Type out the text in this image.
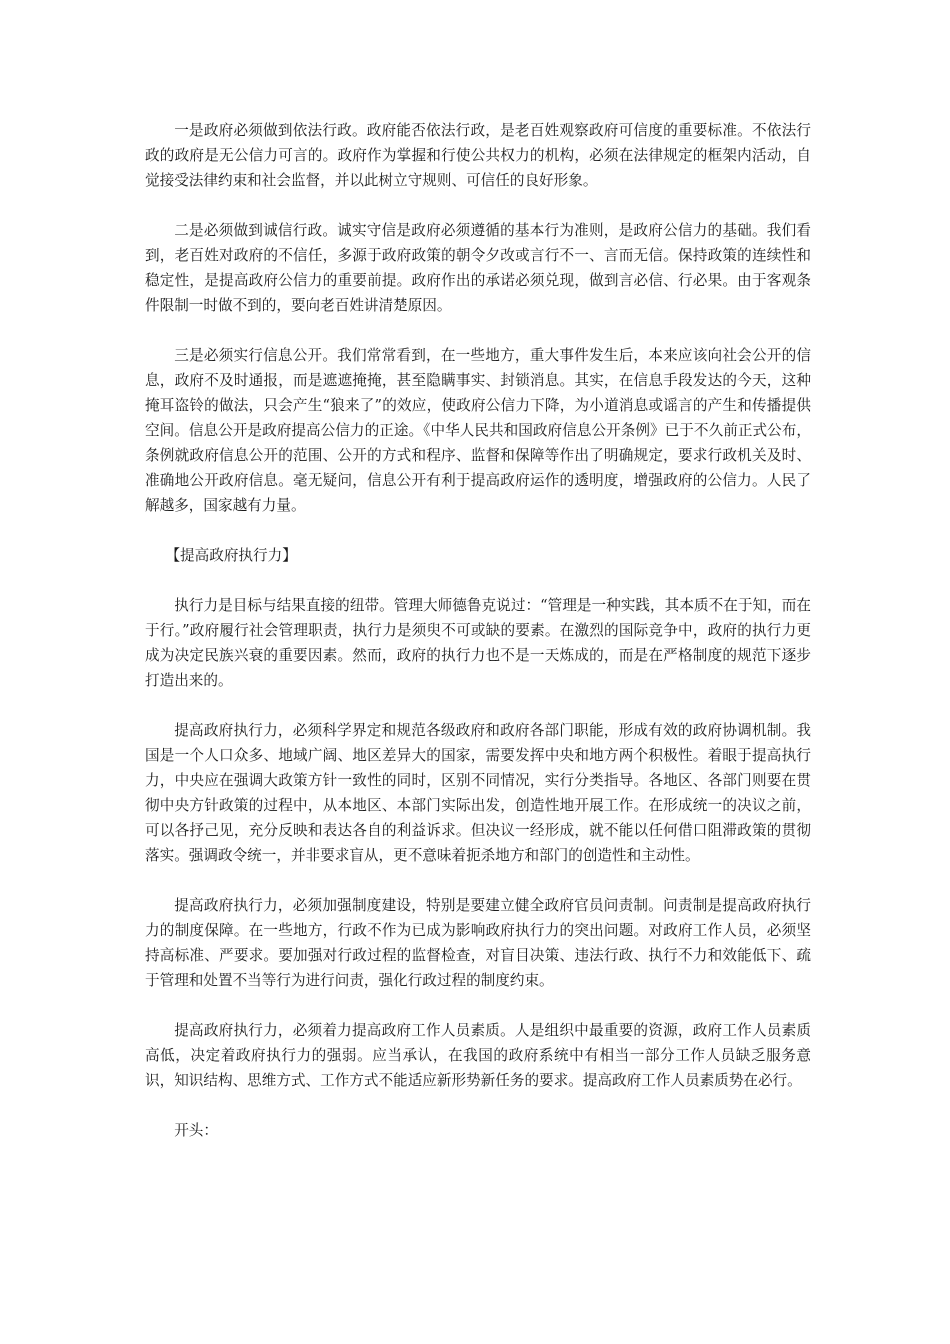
一是政府必须做到依法行政。政府能否依法行政，是老百姓观察政府可信度的重要标准。不依法行政的政府是无公信力可言的。政府作为掌握和行使公共权力的机构，必须在法律规定的框架内活动，自觉接受法律约束和社会监督，并以此树立守规则、可信任的良好形象。

二是必须做到诚信行政。诚实守信是政府必须遵循的基本行为准则，是政府公信力的基础。我们看到，老百姓对政府的不信任，多源于政府政策的朝令夕改或言行不一、言而无信。保持政策的连续性和稳定性，是提高政府公信力的重要前提。政府作出的承诺必须兑现，做到言必信、行必果。由于客观条件限制一时做不到的，要向老百姓讲清楚原因。

三是必须实行信息公开。我们常常看到，在一些地方，重大事件发生后，本来应该向社会公开的信息，政府不及时通报，而是遮遮掩掩，甚至隐瞒事实、封锁消息。其实，在信息手段发达的今天，这种掩耳盗铃的做法，只会产生“狼来了”的效应，使政府公信力下降，为小道消息或谣言的产生和传播提供空间。信息公开是政府提高公信力的正途。《中华人民共和国政府信息公开条例》已于不久前正式公布，条例就政府信息公开的范围、公开的方式和程序、监督和保障等作出了明确规定，要求行政机关及时、准确地公开政府信息。毫无疑问，信息公开有利于提高政府运作的透明度，增强政府的公信力。人民了解越多，国家越有力量。

【提高政府执行力】

执行力是目标与结果直接的纽带。管理大师德鲁克说过：“管理是一种实践，其本质不在于知，而在于行。”政府履行社会管理职责，执行力是须臾不可或缺的要素。在激烈的国际竞争中，政府的执行力更成为决定民族兴衰的重要因素。然而，政府的执行力也不是一天炼成的，而是在严格制度的规范下逐步打造出来的。

提高政府执行力，必须科学界定和规范各级政府和政府各部门职能，形成有效的政府协调机制。我国是一个人口众多、地域广阔、地区差异大的国家，需要发挥中央和地方两个积极性。着眼于提高执行力，中央应在强调大政策方针一致性的同时，区别不同情况，实行分类指导。各地区、各部门则要在贯彻中央方针政策的过程中，从本地区、本部门实际出发，创造性地开展工作。在形成统一的决议之前，可以各抒己见，充分反映和表达各自的利益诉求。但决议一经形成，就不能以任何借口阻滞政策的贯彻落实。强调政令统一，并非要求盲从，更不意味着扼杀地方和部门的创造性和主动性。

提高政府执行力，必须加强制度建设，特别是要建立健全政府官员问责制。问责制是提高政府执行力的制度保障。在一些地方，行政不作为已成为影响政府执行力的突出问题。对政府工作人员，必须坚持高标准、严要求。要加强对行政过程的监督检查，对盲目决策、违法行政、执行不力和效能低下、疏于管理和处置不当等行为进行问责，强化行政过程的制度约束。

提高政府执行力，必须着力提高政府工作人员素质。人是组织中最重要的资源，政府工作人员素质高低，决定着政府执行力的强弱。应当承认，在我国的政府系统中有相当一部分工作人员缺乏服务意识，知识结构、思维方式、工作方式不能适应新形势新任务的要求。提高政府工作人员素质势在必行。

开头：
